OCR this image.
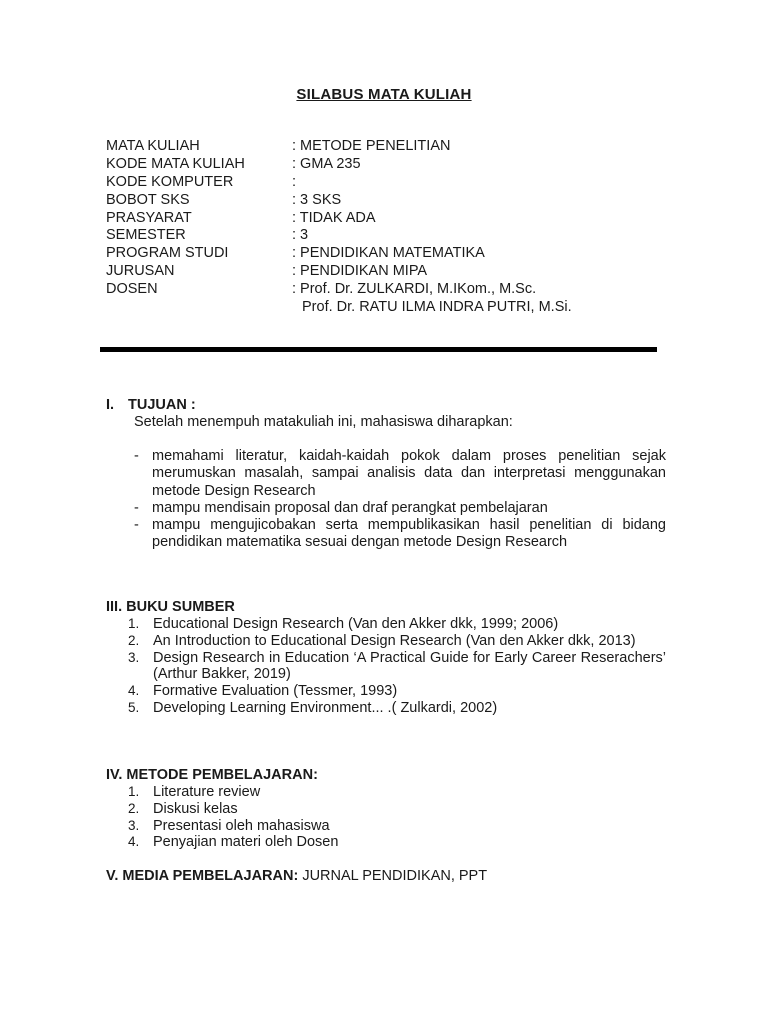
SILABUS MATA KULIAH
MATA KULIAH	: METODE PENELITIAN
KODE MATA KULIAH	: GMA 235
KODE KOMPUTER	:
BOBOT SKS	: 3 SKS
PRASYARAT	: TIDAK ADA
SEMESTER	: 3
PROGRAM STUDI	: PENDIDIKAN MATEMATIKA
JURUSAN	: PENDIDIKAN MIPA
DOSEN	: Prof. Dr. ZULKARDI, M.IKom., M.Sc.
Prof. Dr. RATU ILMA INDRA PUTRI, M.Si.
I. TUJUAN :
Setelah menempuh matakuliah ini, mahasiswa diharapkan:
- memahami literatur, kaidah-kaidah pokok dalam proses penelitian sejak merumuskan masalah, sampai analisis data dan interpretasi menggunakan metode Design Research
- mampu mendisain proposal dan draf perangkat pembelajaran
- mampu mengujicobakan serta mempublikasikan hasil penelitian di bidang pendidikan matematika sesuai dengan metode Design Research
III. BUKU SUMBER
1. Educational Design Research (Van den Akker dkk, 1999; 2006)
2. An Introduction to Educational Design Research (Van den Akker dkk, 2013)
3. Design Research in Education ‘A Practical Guide for Early Career Reserachers’ (Arthur Bakker, 2019)
4. Formative Evaluation (Tessmer, 1993)
5. Developing Learning Environment... .( Zulkardi, 2002)
IV. METODE PEMBELAJARAN:
1. Literature review
2. Diskusi kelas
3. Presentasi oleh mahasiswa
4. Penyajian materi oleh Dosen
V. MEDIA PEMBELAJARAN: JURNAL PENDIDIKAN, PPT
